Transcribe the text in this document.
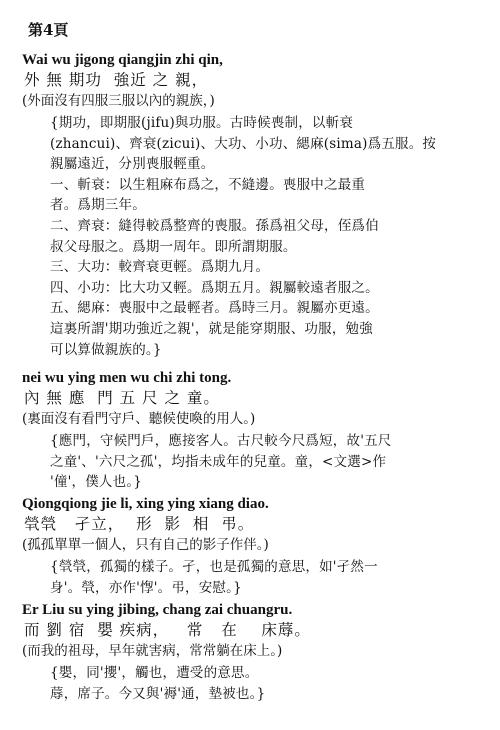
第4頁
Wai wu jigong qiangjin zhi qin,
外 無 期功  強近 之 親，
(外面沒有四服三服以內的親族，)
{期功，即期服(jifu)與功服。古時候喪制，以斬衰
(zhancui)、齊衰(zicui)、大功、小功、緦麻(sima)爲五服。按
親屬遠近，分別喪服輕重。
一、斬衰：以生粗麻布爲之，不縫邊。喪服中之最重
者。爲期三年。
二、齊衰：縫得較爲整齊的喪服。孫爲祖父母，侄爲伯
叔父母服之。爲期一周年。即所謂期服。
三、大功：較齊衰更輕。爲期九月。
四、小功：比大功又輕。爲期五月。親屬較遠者服之。
五、緦麻：喪服中之最輕者。爲時三月。親屬亦更遠。
這裏所謂'期功強近之親'，就是能穿期服、功服，勉強
可以算做親族的。}
nei wu ying men wu chi zhi tong.
內 無 應  門 五 尺 之 童。
(裏面沒有看門守戶、聽候使喚的用人。)
{應門，守候門戶，應接客人。古尺較今尺爲短，故'五尺
之童'、'六尺之孤'，均指未成年的兒童。童，<文選>作
'僮'，僕人也。}
Qiongqiong jie li, xing ying xiang diao.
煢煢   孑立，  形  影  相  弔。
(孤孤單單一個人，只有自己的影子作伴。)
{煢煢，孤獨的樣子。孑，也是孤獨的意思，如'孑然一
身'。煢，亦作'惸'。弔，安慰。}
Er Liu su ying jibing, chang zai chuangru.
而 劉 宿  嬰 疾病，   常   在    床蓐。
(而我的祖母，早年就害病，常常躺在床上。)
{嬰，同'攖'，觸也，遭受的意思。
蓐，席子。今又與'褥'通，墊被也。}
